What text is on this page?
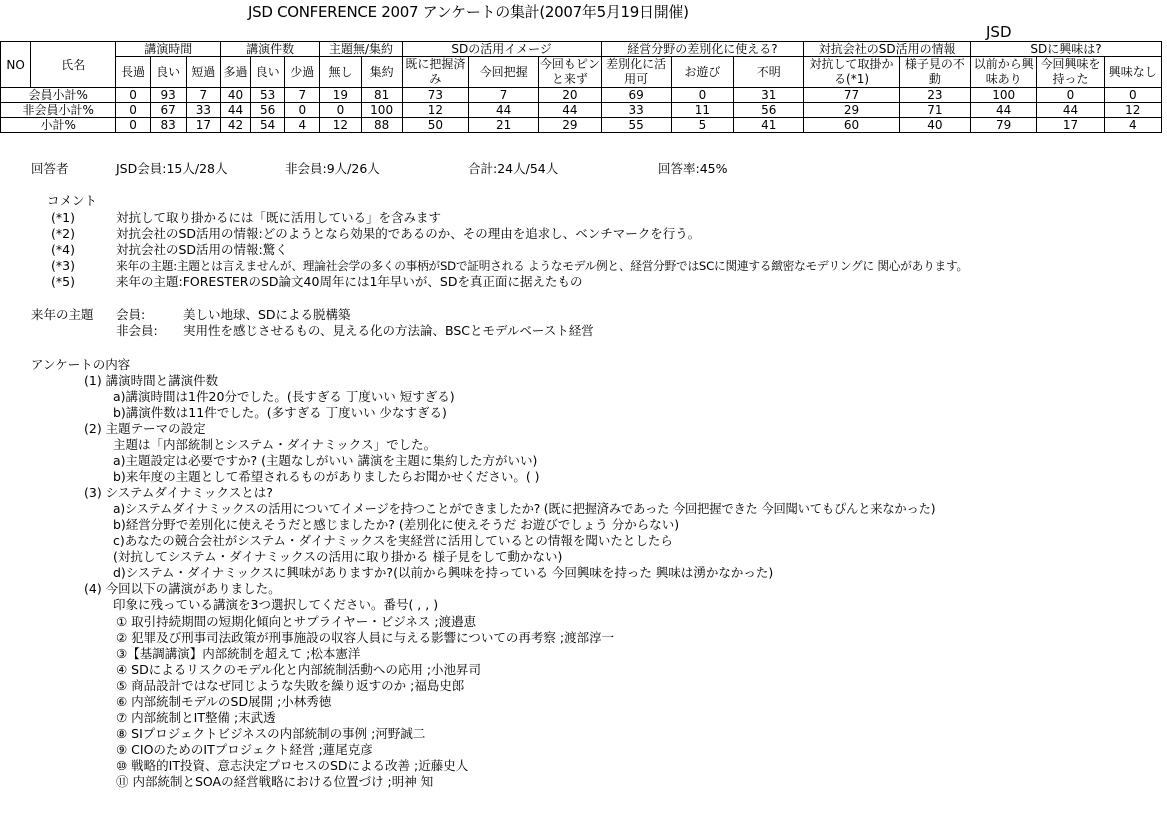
JSD CONFERENCE 2007 アンケートの集計(2007年5月19日開催)
JSD
NO	氏名	講演時間			講演件数			主題無/集約		SDの活用イメージ			経営分野の差別化に使える?			対抗会社のSD活用の情報		SDに興味は?		
		長過	良い	短過	多過	良い	少過	無し	集約	既に把握済み	今回把握	今回もピンと来ず	差別化に活用可	お遊び	不明	対抗して取掛かる(*1)	様子見の不動	以前から興味あり	今回興味を持った	興味なし
会員小計%		0	93	7	40	53	7	19	81	73	7	20	69	0	31	77	23	100	0	0
非会員小計%		0	67	33	44	56	0	0	100	12	44	44	33	11	56	29	71	44	44	12
小計%		0	83	17	42	54	4	12	88	50	21	29	55	5	41	60	40	79	17	4
回答者	JSD会員:15人/28人	非会員:9人/26人	合計:24人/54人	回答率:45%
コメント
(*1)	対抗して取り掛かるには「既に活用している」を含みます
(*2)	対抗会社のSD活用の情報:どのようとなら効果的であるのか、その理由を追求し、ベンチマークを行う。
(*4)	対抗会社のSD活用の情報:驚く
(*3)	来年の主題:主題とは言えませんが、理論社会学の多くの事柄がSDで証明される ようなモデル例と、経営分野ではSCに関連する緻密なモデリングに 関心があります。
(*5)	来年の主題:FORESTERのSD論文40周年には1年早いが、SDを真正面に据えたもの
来年の主題 会員:	美しい地球、SDによる脱構築
非会員: 実用性を感じさせるもの、見える化の方法論、BSCとモデルベースト経営
アンケートの内容
(1) 講演時間と講演件数
a)講演時間は1件20分でした。(長すぎる 丁度いい 短すぎる)
b)講演件数は11件でした。(多すぎる 丁度いい 少なすぎる)
(2) 主題テーマの設定
主題は「内部統制とシステム・ダイナミックス」でした。
a)主題設定は必要ですか? (主題なしがいい 講演を主題に集約した方がいい)
b)来年度の主題として希望されるものがありましたらお聞かせください。( )
(3) システムダイナミックスとは?
a)システムダイナミックスの活用についてイメージを持つことができましたか? (既に把握済みであった 今回把握できた 今回聞いてもぴんと来なかった)
b)経営分野で差別化に使えそうだと感じましたか? (差別化に使えそうだ お遊びでしょう 分からない)
c)あなたの競合会社がシステム・ダイナミックスを実経営に活用しているとの情報を聞いたとしたら
(対抗してシステム・ダイナミックスの活用に取り掛かる 様子見をして動かない)
d)システム・ダイナミックスに興味がありますか?(以前から興味を持っている 今回興味を持った 興味は湧かなかった)
(4) 今回以下の講演がありました。
印象に残っている講演を3つ選択してください。番号( , , )
① 取引持続期間の短期化傾向とサプライヤー・ビジネス ;渡邉恵
② 犯罪及び刑事司法政策が刑事施設の収容人員に与える影響についての再考察 ;渡部淳一
③【基調講演】内部統制を超えて ;松本憲洋
④ SDによるリスクのモデル化と内部統制活動への応用 ;小池昇司
⑤ 商品設計ではなぜ同じような失敗を繰り返すのか ;福島史郎
⑥ 内部統制モデルのSD展開 ;小林秀徳
⑦ 内部統制とIT整備 ;末武透
⑧ SIプロジェクトビジネスの内部統制の事例 ;河野誠二
⑨ CIOのためのITプロジェクト経営 ;蓮尾克彦
⑩ 戦略的IT投資、意志決定プロセスのSDによる改善 ;近藤史人
⑪ 内部統制とSOAの経営戦略における位置づけ ;明神 知
